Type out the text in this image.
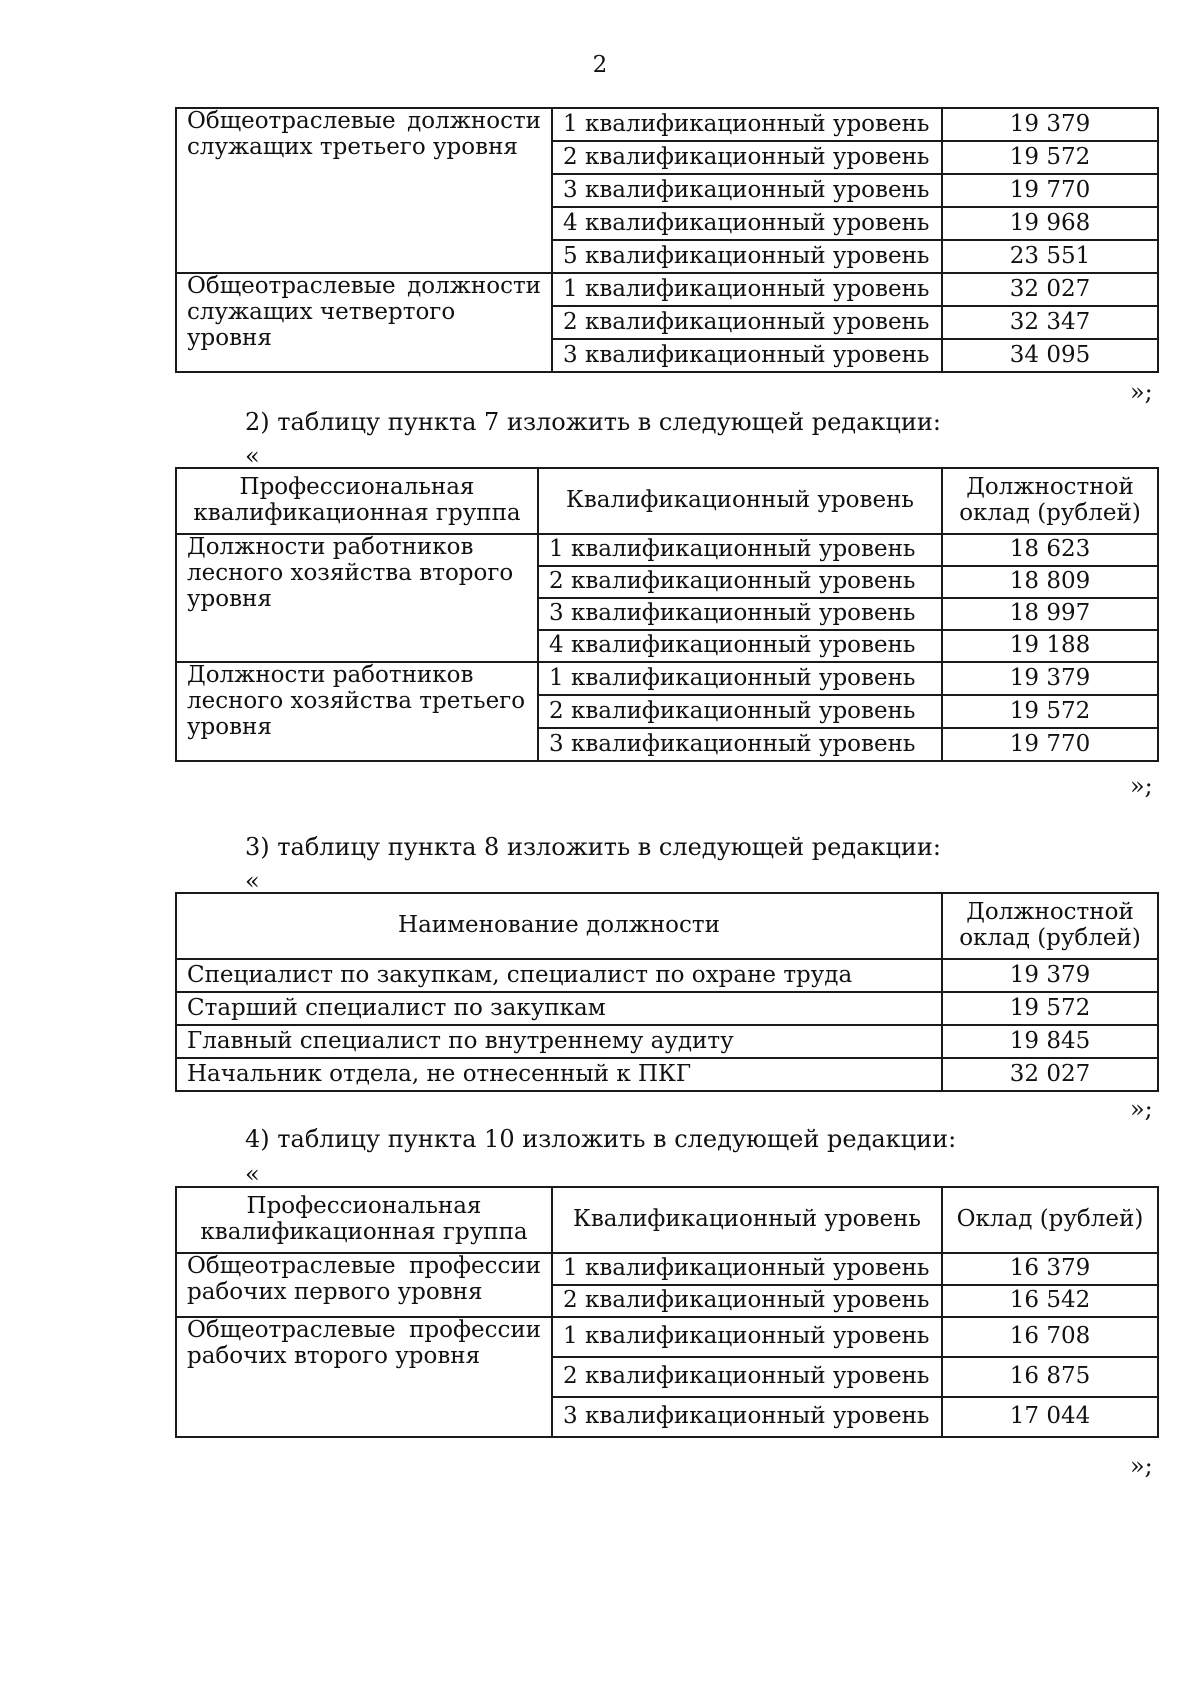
2
Общеотраслевые должности
служащих третьего уровня	1 квалификационный уровень	19 379
	2 квалификационный уровень	19 572
	3 квалификационный уровень	19 770
	4 квалификационный уровень	19 968
	5 квалификационный уровень	23 551

Общеотраслевые должности
служащих четвертого уровня	1 квалификационный уровень	32 027
	2 квалификационный уровень	32 347
	3 квалификационный уровень	34 095
»;
2) таблицу пункта 7 изложить в следующей редакции:
«
Профессиональная квалификационная группа	Квалификационный уровень	Должностной оклад (рублей)
Должности работников лесного хозяйства второго уровня	1 квалификационный уровень	18 623
	2 квалификационный уровень	18 809
	3 квалификационный уровень	18 997
	4 квалификационный уровень	19 188
Должности работников лесного хозяйства третьего уровня	1 квалификационный уровень	19 379
	2 квалификационный уровень	19 572
	3 квалификационный уровень	19 770
»;
3) таблицу пункта 8 изложить в следующей редакции:
«
Наименование должности	Должностной оклад (рублей)
Специалист по закупкам, специалист по охране труда	19 379
Старший специалист по закупкам	19 572
Главный специалист по внутреннему аудиту	19 845
Начальник отдела, не отнесенный к ПКГ	32 027
»;
4) таблицу пункта 10 изложить в следующей редакции:
«
Профессиональная квалификационная группа	Квалификационный уровень	Оклад (рублей)

Общеотраслевые профессии
рабочих первого уровня	1 квалификационный уровень	16 379
	2 квалификационный уровень	16 542

Общеотраслевые профессии
рабочих второго уровня	1 квалификационный уровень	16 708
	2 квалификационный уровень	16 875
	3 квалификационный уровень	17 044
»;
